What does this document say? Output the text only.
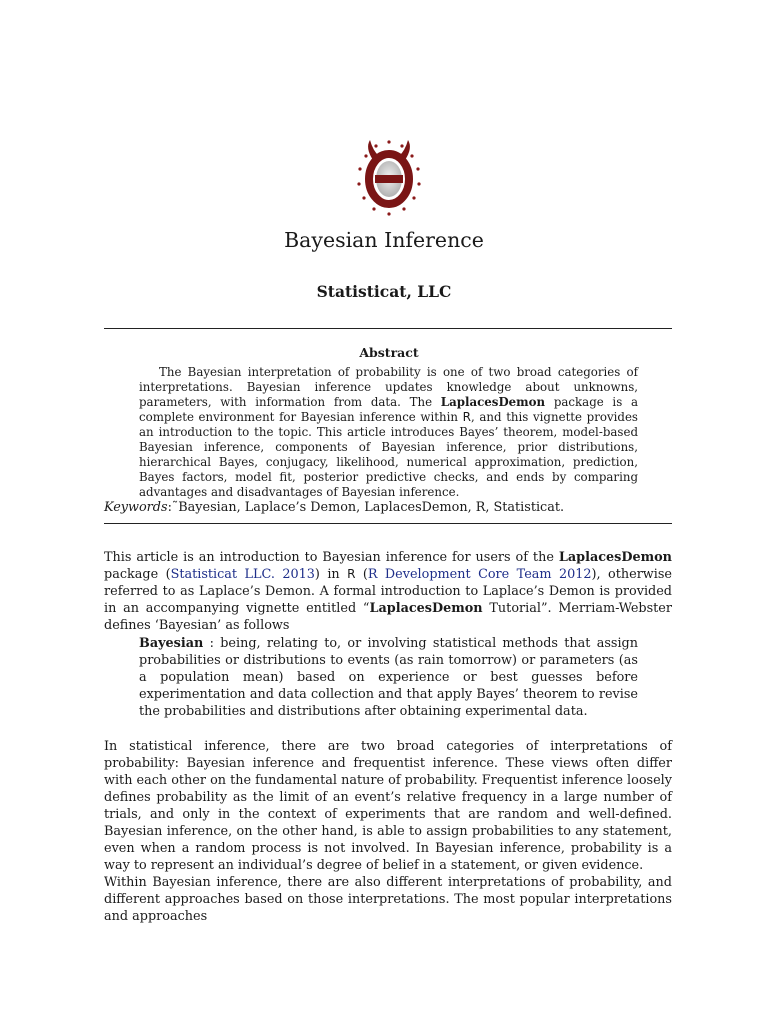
Bayesian Inference
Statisticat, LLC
Abstract
The Bayesian interpretation of probability is one of two broad categories of interpretations. Bayesian inference updates knowledge about unknowns, parameters, with information from data. The LaplacesDemon package is a complete environment for Bayesian inference within R, and this vignette provides an introduction to the topic. This article introduces Bayes’ theorem, model-based Bayesian inference, components of Bayesian inference, prior distributions, hierarchical Bayes, conjugacy, likelihood, numerical approximation, prediction, Bayes factors, model fit, posterior predictive checks, and ends by comparing advantages and disadvantages of Bayesian inference.
Keywords:˜Bayesian, Laplace’s Demon, LaplacesDemon, R, Statisticat.
This article is an introduction to Bayesian inference for users of the LaplacesDemon package (Statisticat LLC. 2013) in R (R Development Core Team 2012), otherwise referred to as Laplace’s Demon. A formal introduction to Laplace’s Demon is provided in an accompanying vignette entitled “LaplacesDemon Tutorial”. Merriam-Webster defines ‘Bayesian’ as follows
Bayesian : being, relating to, or involving statistical methods that assign probabilities or distributions to events (as rain tomorrow) or parameters (as a population mean) based on experience or best guesses before experimentation and data collection and that apply Bayes’ theorem to revise the probabilities and distributions after obtaining experimental data.
In statistical inference, there are two broad categories of interpretations of probability: Bayesian inference and frequentist inference. These views often differ with each other on the fundamental nature of probability. Frequentist inference loosely defines probability as the limit of an event’s relative frequency in a large number of trials, and only in the context of experiments that are random and well-defined. Bayesian inference, on the other hand, is able to assign probabilities to any statement, even when a random process is not involved. In Bayesian inference, probability is a way to represent an individual’s degree of belief in a statement, or given evidence.
Within Bayesian inference, there are also different interpretations of probability, and different approaches based on those interpretations. The most popular interpretations and approaches
